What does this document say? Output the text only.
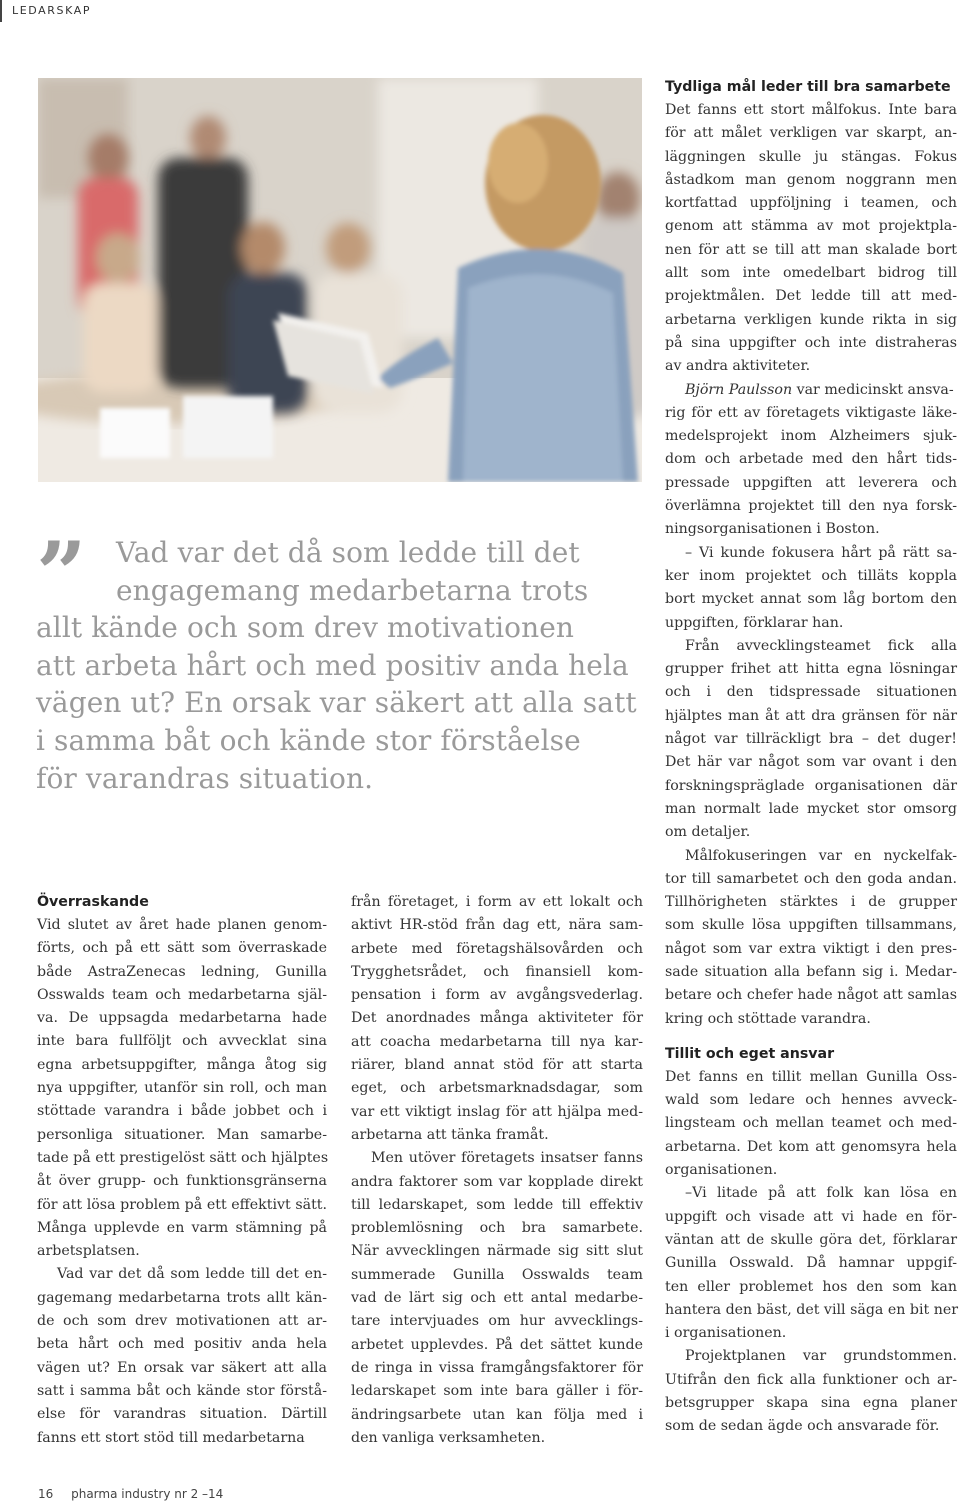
LEDARSKAP
”	Vad var det då som ledde till det
engagemang medarbetarna trots
allt kände och som drev motivationen
att arbeta hårt och med positiv anda hela
vägen ut? En orsak var säkert att alla satt
i samma båt och kände stor förståelse
för varandras situation.
Överraskande
Vid slutet av året hade planen genom-
förts, och på ett sätt som överraskade
både AstraZenecas ledning, Gunilla
Osswalds team och medarbetarna själ-
va. De uppsagda medarbetarna hade
inte bara fullföljt och avvecklat sina
egna arbetsuppgifter, många åtog sig
nya uppgifter, utanför sin roll, och man
stöttade varandra i både jobbet och i
personliga situationer. Man samarbe-
tade på ett prestigelöst sätt och hjälptes
åt över grupp- och funktionsgränserna
för att lösa problem på ett effektivt sätt.
Många upplevde en varm stämning på
arbetsplatsen.
Vad var det då som ledde till det en-
gagemang medarbetarna trots allt kän-
de och som drev motivationen att ar-
beta hårt och med positiv anda hela
vägen ut? En orsak var säkert att alla
satt i samma båt och kände stor förstå-
else för varandras situation. Därtill
fanns ett stort stöd till medarbetarna
från företaget, i form av ett lokalt och
aktivt HR-stöd från dag ett, nära sam-
arbete med företagshälsovården och
Trygghetsrådet, och finansiell kom-
pensation i form av avgångsvederlag.
Det anordnades många aktiviteter för
att coacha medarbetarna till nya kar-
riärer, bland annat stöd för att starta
eget, och arbetsmarknadsdagar, som
var ett viktigt inslag för att hjälpa med-
arbetarna att tänka framåt.
Men utöver företagets insatser fanns
andra faktorer som var kopplade direkt
till ledarskapet, som ledde till effektiv
problemlösning och bra samarbete.
När avvecklingen närmade sig sitt slut
summerade Gunilla Osswalds team
vad de lärt sig och ett antal medarbe-
tare intervjuades om hur avvecklings-
arbetet upplevdes. På det sättet kunde
de ringa in vissa framgångsfaktorer för
ledarskapet som inte bara gäller i för-
ändringsarbete utan kan följa med i
den vanliga verksamheten.
Tydliga mål leder till bra samarbete
Det fanns ett stort målfokus. Inte bara
för att målet verkligen var skarpt, an-
läggningen skulle ju stängas. Fokus
åstadkom man genom noggrann men
kortfattad uppföljning i teamen, och
genom att stämma av mot projektpla-
nen för att se till att man skalade bort
allt som inte omedelbart bidrog till
projektmålen. Det ledde till att med-
arbetarna verkligen kunde rikta in sig
på sina uppgifter och inte distraheras
av andra aktiviteter.
Björn Paulsson var medicinskt ansva-
rig för ett av företagets viktigaste läke-
medelsprojekt inom Alzheimers sjuk-
dom och arbetade med den hårt tids-
pressade uppgiften att leverera och
överlämna projektet till den nya forsk-
ningsorganisationen i Boston.
– Vi kunde fokusera hårt på rätt sa-
ker inom projektet och tilläts koppla
bort mycket annat som låg bortom den
uppgiften, förklarar han.
Från avvecklingsteamet fick alla
grupper frihet att hitta egna lösningar
och i den tidspressade situationen
hjälptes man åt att dra gränsen för när
något var tillräckligt bra – det duger!
Det här var något som var ovant i den
forskningspräglade organisationen där
man normalt lade mycket stor omsorg
om detaljer.
Målfokuseringen var en nyckelfak-
tor till samarbetet och den goda andan.
Tillhörigheten stärktes i de grupper
som skulle lösa uppgiften tillsammans,
något som var extra viktigt i den pres-
sade situation alla befann sig i. Medar-
betare och chefer hade något att samlas
kring och stöttade varandra.
Tillit och eget ansvar
Det fanns en tillit mellan Gunilla Oss-
wald som ledare och hennes avveck-
lingsteam och mellan teamet och med-
arbetarna. Det kom att genomsyra hela
organisationen.
–Vi litade på att folk kan lösa en
uppgift och visade att vi hade en för-
väntan att de skulle göra det, förklarar
Gunilla Osswald. Då hamnar uppgif-
ten eller problemet hos den som kan
hantera den bäst, det vill säga en bit ner
i organisationen.
Projektplanen var grundstommen.
Utifrån den fick alla funktioner och ar-
betsgrupper skapa sina egna planer
som de sedan ägde och ansvarade för.
16 pharma industry nr 2 –14
